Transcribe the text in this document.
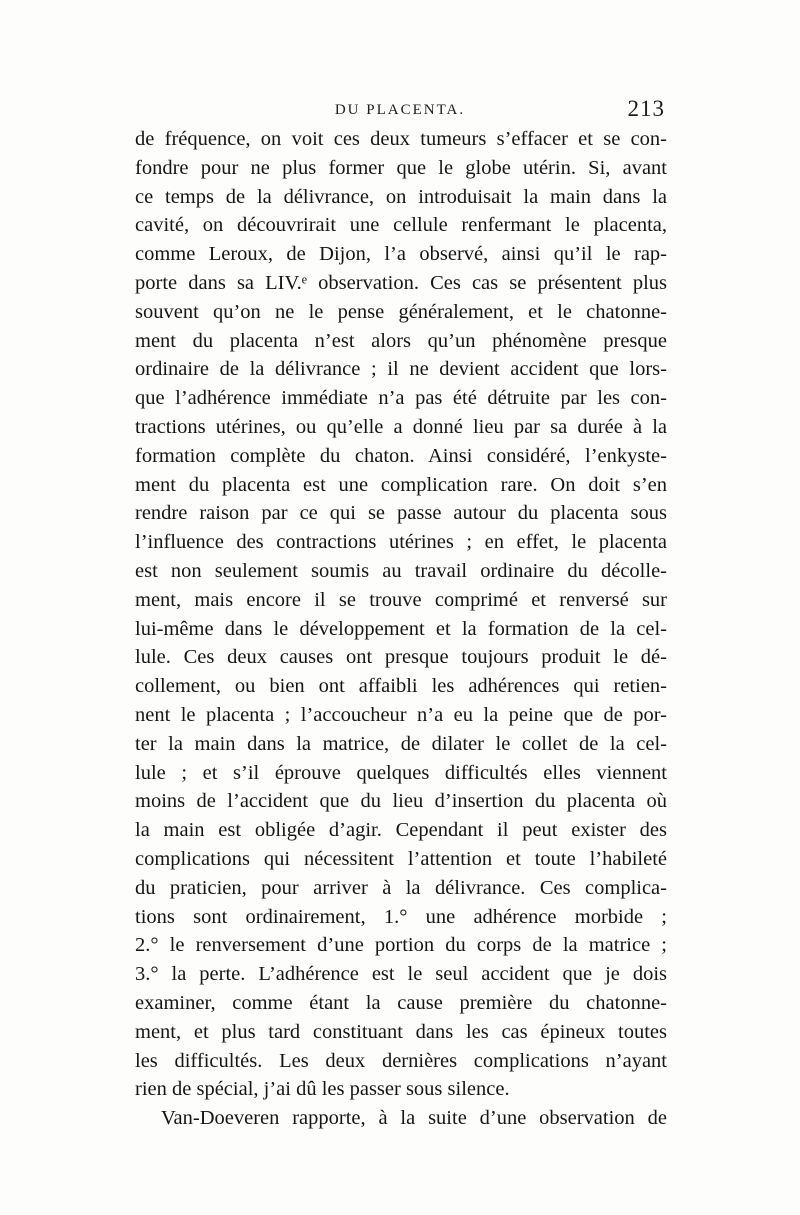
DU PLACENTA.	213
de fréquence, on voit ces deux tumeurs s’effacer et se con-
fondre pour ne plus former que le globe utérin. Si, avant
ce temps de la délivrance, on introduisait la main dans la
cavité, on découvrirait une cellule renfermant le placenta,
comme Leroux, de Dijon, l’a observé, ainsi qu’il le rap-
porte dans sa LIV.ᵉ observation. Ces cas se présentent plus
souvent qu’on ne le pense généralement, et le chatonne-
ment du placenta n’est alors qu’un phénomène presque
ordinaire de la délivrance ; il ne devient accident que lors-
que l’adhérence immédiate n’a pas été détruite par les con-
tractions utérines, ou qu’elle a donné lieu par sa durée à la
formation complète du chaton. Ainsi considéré, l’enkyste-
ment du placenta est une complication rare. On doit s’en
rendre raison par ce qui se passe autour du placenta sous
l’influence des contractions utérines ; en effet, le placenta
est non seulement soumis au travail ordinaire du décolle-
ment, mais encore il se trouve comprimé et renversé sur
lui-même dans le développement et la formation de la cel-
lule. Ces deux causes ont presque toujours produit le dé-
collement, ou bien ont affaibli les adhérences qui retien-
nent le placenta ; l’accoucheur n’a eu la peine que de por-
ter la main dans la matrice, de dilater le collet de la cel-
lule ; et s’il éprouve quelques difficultés elles viennent
moins de l’accident que du lieu d’insertion du placenta où
la main est obligée d’agir. Cependant il peut exister des
complications qui nécessitent l’attention et toute l’habileté
du praticien, pour arriver à la délivrance. Ces complica-
tions sont ordinairement, 1.° une adhérence morbide ;
2.° le renversement d’une portion du corps de la matrice ;
3.° la perte. L’adhérence est le seul accident que je dois
examiner, comme étant la cause première du chatonne-
ment, et plus tard constituant dans les cas épineux toutes
les difficultés. Les deux dernières complications n’ayant
rien de spécial, j’ai dû les passer sous silence.
Van-Doeveren rapporte, à la suite d’une observation de
